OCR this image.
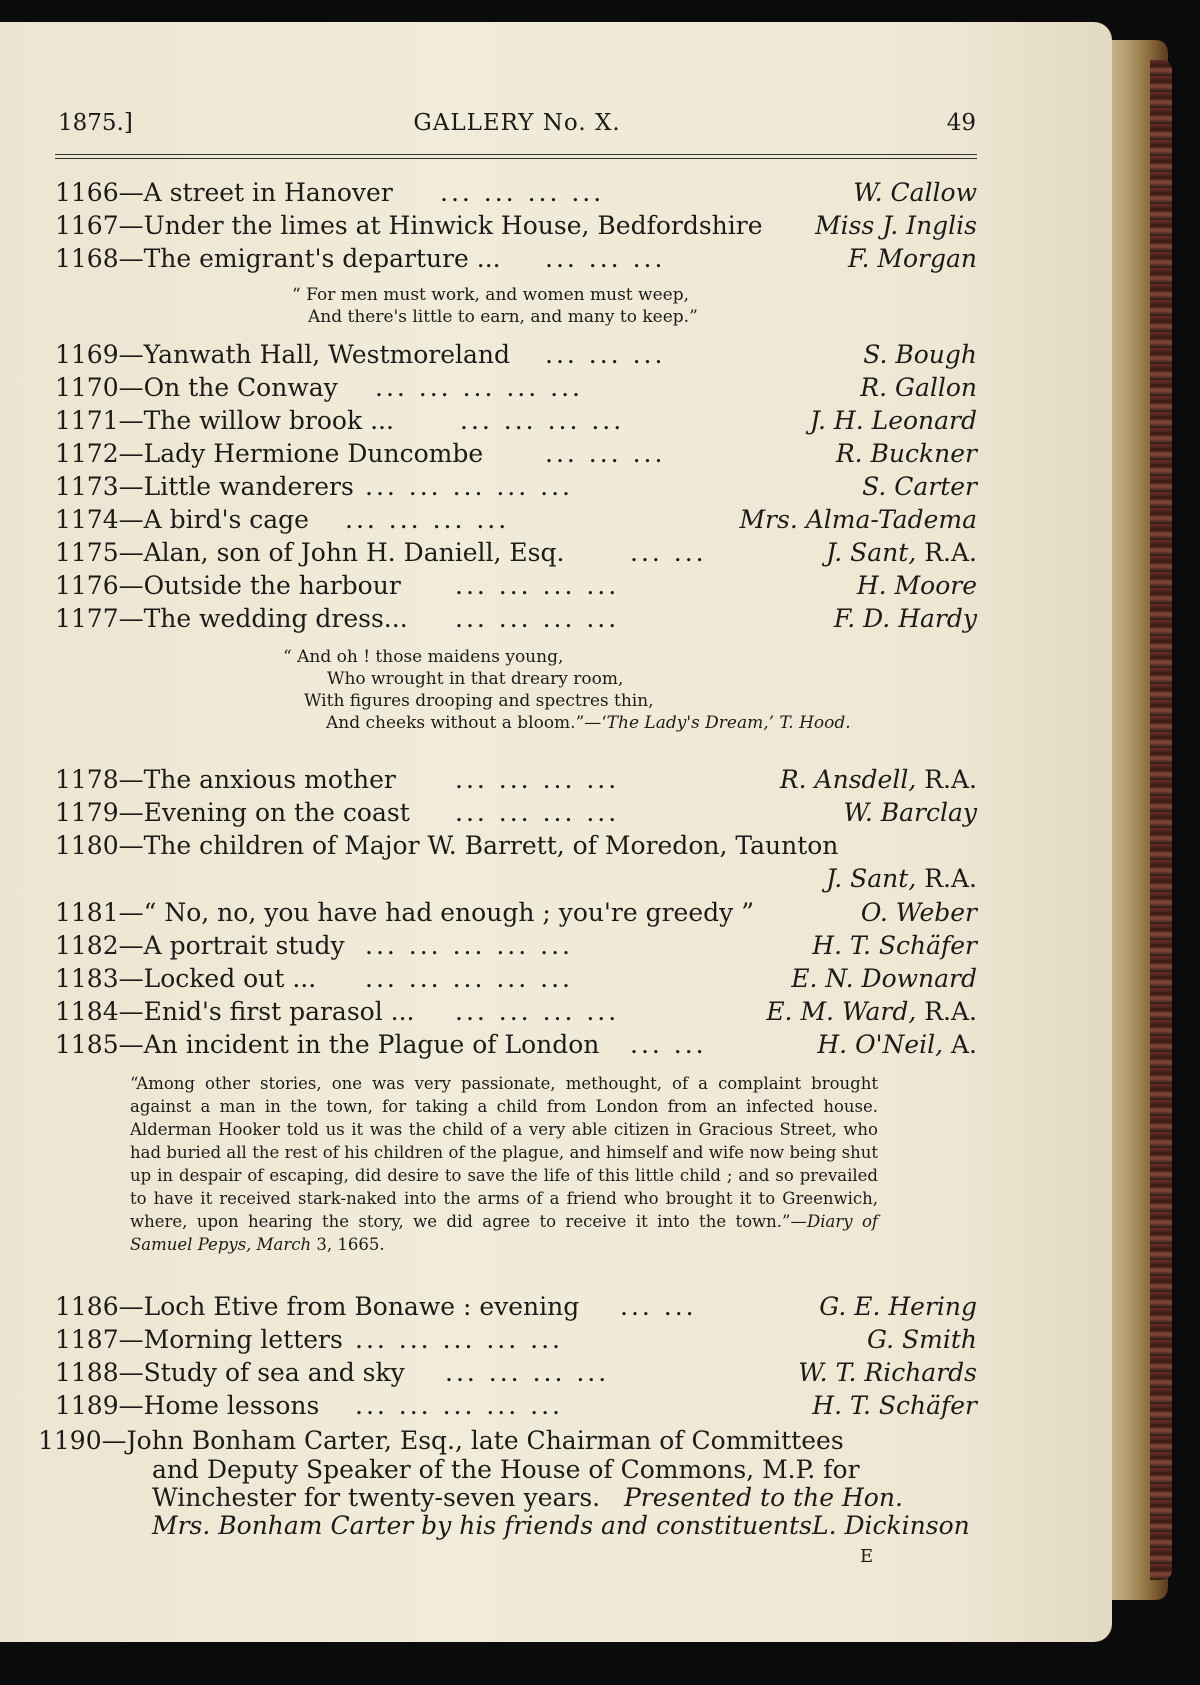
1875.]	GALLERY No. X.	49
1166—A street in Hanover ... ... ... ...	W. Callow
1167—Under the limes at Hinwick House, Bedfordshire Miss J. Inglis
1168—The emigrant's departure ... ... ... ...	F. Morgan
“ For men must work, and women must weep,
And there's little to earn, and many to keep.”
1169—Yanwath Hall, Westmoreland ... ... ...	S. Bough
1170—On the Conway ... ... ... ... ...	R. Gallon
1171—The willow brook ...	... ... ... ...	J. H. Leonard
1172—Lady Hermione Duncombe ... ... ...	R. Buckner
1173—Little wanderers ... ... ... ... ...	S. Carter
1174—A bird's cage ... ... ... ...	Mrs. Alma-Tadema
1175—Alan, son of John H. Daniell, Esq.	... ...	J. Sant, R.A.
1176—Outside the harbour ... ... ... ...	H. Moore
1177—The wedding dress... ... ... ... ...	F. D. Hardy
“ And oh ! those maidens young,
Who wrought in that dreary room,
With figures drooping and spectres thin,
And cheeks without a bloom.”—‘The Lady's Dream,’ T. Hood.
1178—The anxious mother ... ... ... ...	R. Ansdell, R.A.
1179—Evening on the coast ... ... ... ...	W. Barclay
1180—The children of Major W. Barrett, of Moredon, Taunton
J. Sant, R.A.
1181—“ No, no, you have had enough ; you're greedy ”	O. Weber
1182—A portrait study ... ... ... ... ...	H. T. Schäfer
1183—Locked out ... ... ... ... ... ...	E. N. Downard
1184—Enid's first parasol ... ... ... ... ...	E. M. Ward, R.A.
1185—An incident in the Plague of London ... ...	H. O'Neil, A.
“Among other stories, one was very passionate, methought, of a complaint brought against a man in the town, for taking a child from London from an infected house. Alderman Hooker told us it was the child of a very able citizen in Gracious Street, who had buried all the rest of his children of the plague, and himself and wife now being shut up in despair of escaping, did desire to save the life of this little child ; and so prevailed to have it received stark-naked into the arms of a friend who brought it to Greenwich, where, upon hearing the story, we did agree to receive it into the town.”—Diary of Samuel Pepys, March 3, 1665.
1186—Loch Etive from Bonawe : evening ... ...	G. E. Hering
1187—Morning letters ... ... ... ... ...	G. Smith
1188—Study of sea and sky ... ... ... ...	W. T. Richards
1189—Home lessons ... ... ... ... ...	H. T. Schäfer
1190—John Bonham Carter, Esq., late Chairman of Committees
and Deputy Speaker of the House of Commons, M.P. for
Winchester for twenty-seven years. Presented to the Hon.
Mrs. Bonham Carter by his friends and constituents L. Dickinson
E
